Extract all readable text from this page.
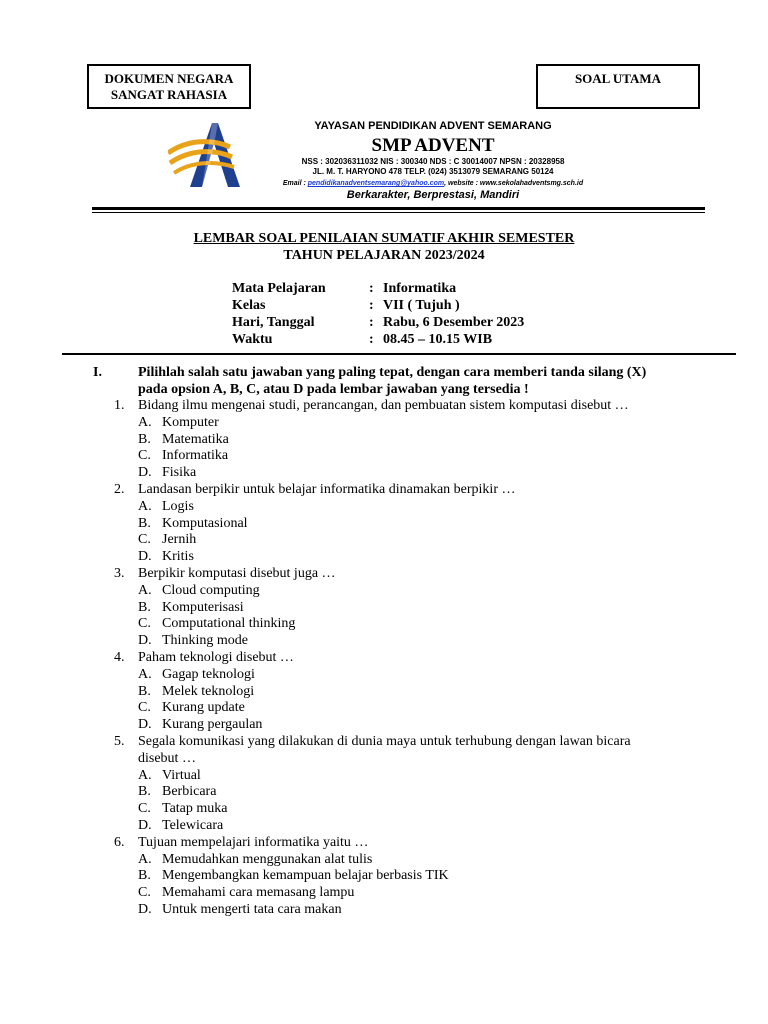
DOKUMEN NEGARA
SANGAT RAHASIA
SOAL UTAMA
YAYASAN PENDIDIKAN ADVENT SEMARANG
SMP ADVENT
NSS : 302036311032 NIS : 300340 NDS : C 30014007 NPSN : 20328958
JL. M. T. HARYONO 478 TELP. (024) 3513079 SEMARANG 50124
Email : pendidikanadventsemarang@yahoo.com, website : www.sekolahadventsmg.sch.id
Berkarakter, Berprestasi, Mandiri
LEMBAR SOAL PENILAIAN SUMATIF AKHIR SEMESTER
TAHUN PELAJARAN 2023/2024
Mata Pelajaran	: Informatika
Kelas	: VII ( Tujuh )
Hari, Tanggal	: Rabu, 6 Desember 2023
Waktu	: 08.45 – 10.15 WIB
I.	Pilihlah salah satu jawaban yang paling tepat, dengan cara memberi tanda silang (X) pada opsion A, B, C, atau D pada lembar jawaban yang tersedia !
1. Bidang ilmu mengenai studi, perancangan, dan pembuatan sistem komputasi disebut …
A. Komputer
B. Matematika
C. Informatika
D. Fisika
2. Landasan berpikir untuk belajar informatika dinamakan berpikir …
A. Logis
B. Komputasional
C. Jernih
D. Kritis
3. Berpikir komputasi disebut juga …
A. Cloud computing
B. Komputerisasi
C. Computational thinking
D. Thinking mode
4. Paham teknologi disebut …
A. Gagap teknologi
B. Melek teknologi
C. Kurang update
D. Kurang pergaulan
5. Segala komunikasi yang dilakukan di dunia maya untuk terhubung dengan lawan bicara disebut …
A. Virtual
B. Berbicara
C. Tatap muka
D. Telewicara
6. Tujuan mempelajari informatika yaitu …
A. Memudahkan menggunakan alat tulis
B. Mengembangkan kemampuan belajar berbasis TIK
C. Memahami cara memasang lampu
D. Untuk mengerti tata cara makan
